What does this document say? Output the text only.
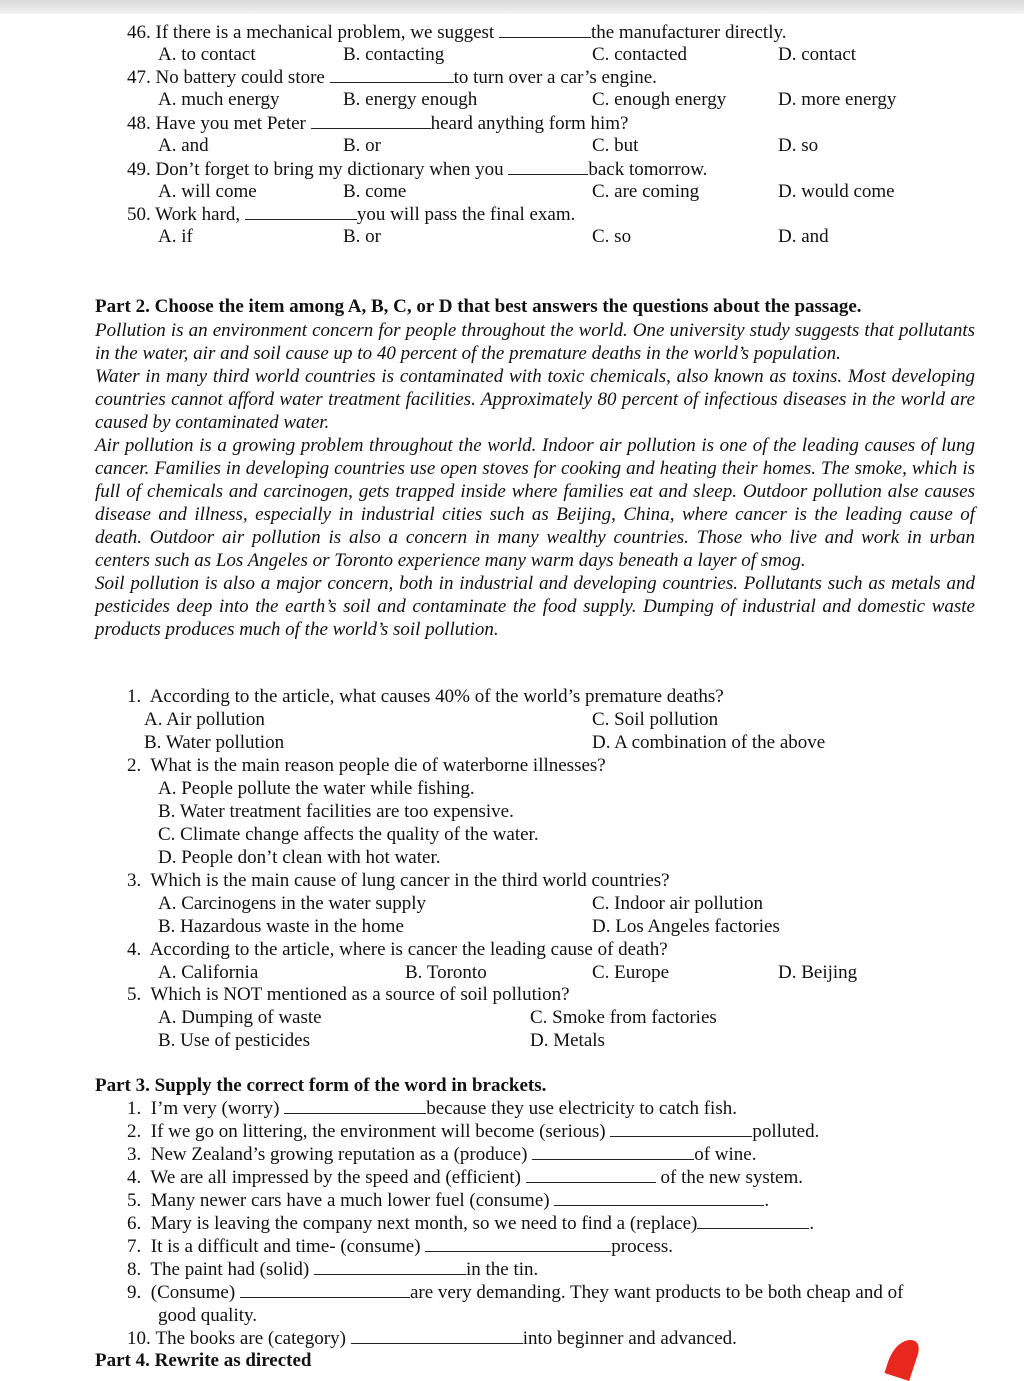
46. If there is a mechanical problem, we suggest	the manufacturer directly.
A. to contact	B. contacting	C. contacted	D. contact
47. No battery could store	to turn over a car’s engine.
A. much energy	B. energy enough	C. enough energy	D. more energy
48. Have you met Peter	heard anything form him?
A. and	B. or	C. but	D. so
49. Don’t forget to bring my dictionary when you	back tomorrow.
A. will come	B. come	C. are coming	D. would come
50. Work hard,	you will pass the final exam.
A. if	B. or	C. so	D. and
Part 2. Choose the item among A, B, C, or D that best answers the questions about the passage.

Pollution is an environment concern for people throughout the world. One university study suggests that pollutants in the water, air and soil cause up to 40 percent of the premature deaths in the world’s population.

Water in many third world countries is contaminated with toxic chemicals, also known as toxins. Most developing countries cannot afford water treatment facilities. Approximately 80 percent of infectious diseases in the world are caused by contaminated water.

Air pollution is a growing problem throughout the world. Indoor air pollution is one of the leading causes of lung cancer. Families in developing countries use open stoves for cooking and heating their homes. The smoke, which is full of chemicals and carcinogen, gets trapped inside where families eat and sleep. Outdoor pollution alse causes disease and illness, especially in industrial cities such as Beijing, China, where cancer is the leading cause of death. Outdoor air pollution is also a concern in many wealthy countries. Those who live and work in urban centers such as Los Angeles or Toronto experience many warm days beneath a layer of smog.

Soil pollution is also a major concern, both in industrial and developing countries. Pollutants such as metals and pesticides deep into the earth’s soil and contaminate the food supply. Dumping of industrial and domestic waste products produces much of the world’s soil pollution.

1. According to the article, what causes 40% of the world’s premature deaths?
A. Air pollution
B. Water pollution
C. Soil pollution
D. A combination of the above
2. What is the main reason people die of waterborne illnesses?
A. People pollute the water while fishing.
B. Water treatment facilities are too expensive.
C. Climate change affects the quality of the water.
D. People don’t clean with hot water.
3. Which is the main cause of lung cancer in the third world countries?
A. Carcinogens in the water supply
B. Hazardous waste in the home
C. Indoor air pollution
D. Los Angeles factories
4. According to the article, where is cancer the leading cause of death?
A. California	B. Toronto	C. Europe	D. Beijing
5. Which is NOT mentioned as a source of soil pollution?
A. Dumping of waste
B. Use of pesticides
C. Smoke from factories
D. Metals
Part 3. Supply the correct form of the word in brackets.
1. I’m very (worry)	because they use electricity to catch fish.
2. If we go on littering, the environment will become (serious)	polluted.
3. New Zealand’s growing reputation as a (produce)	of wine.
4. We are all impressed by the speed and (efficient)	of the new system.
5. Many newer cars have a much lower fuel (consume)	.
6. Mary is leaving the company next month, so we need to find a (replace)	.
7. It is a difficult and time- (consume)	process.
8. The paint had (solid)	in the tin.
9. (Consume)	are very demanding. They want products to be both cheap and of
good quality.
10. The books are (category)	into beginner and advanced.
Part 4. Rewrite as directed
